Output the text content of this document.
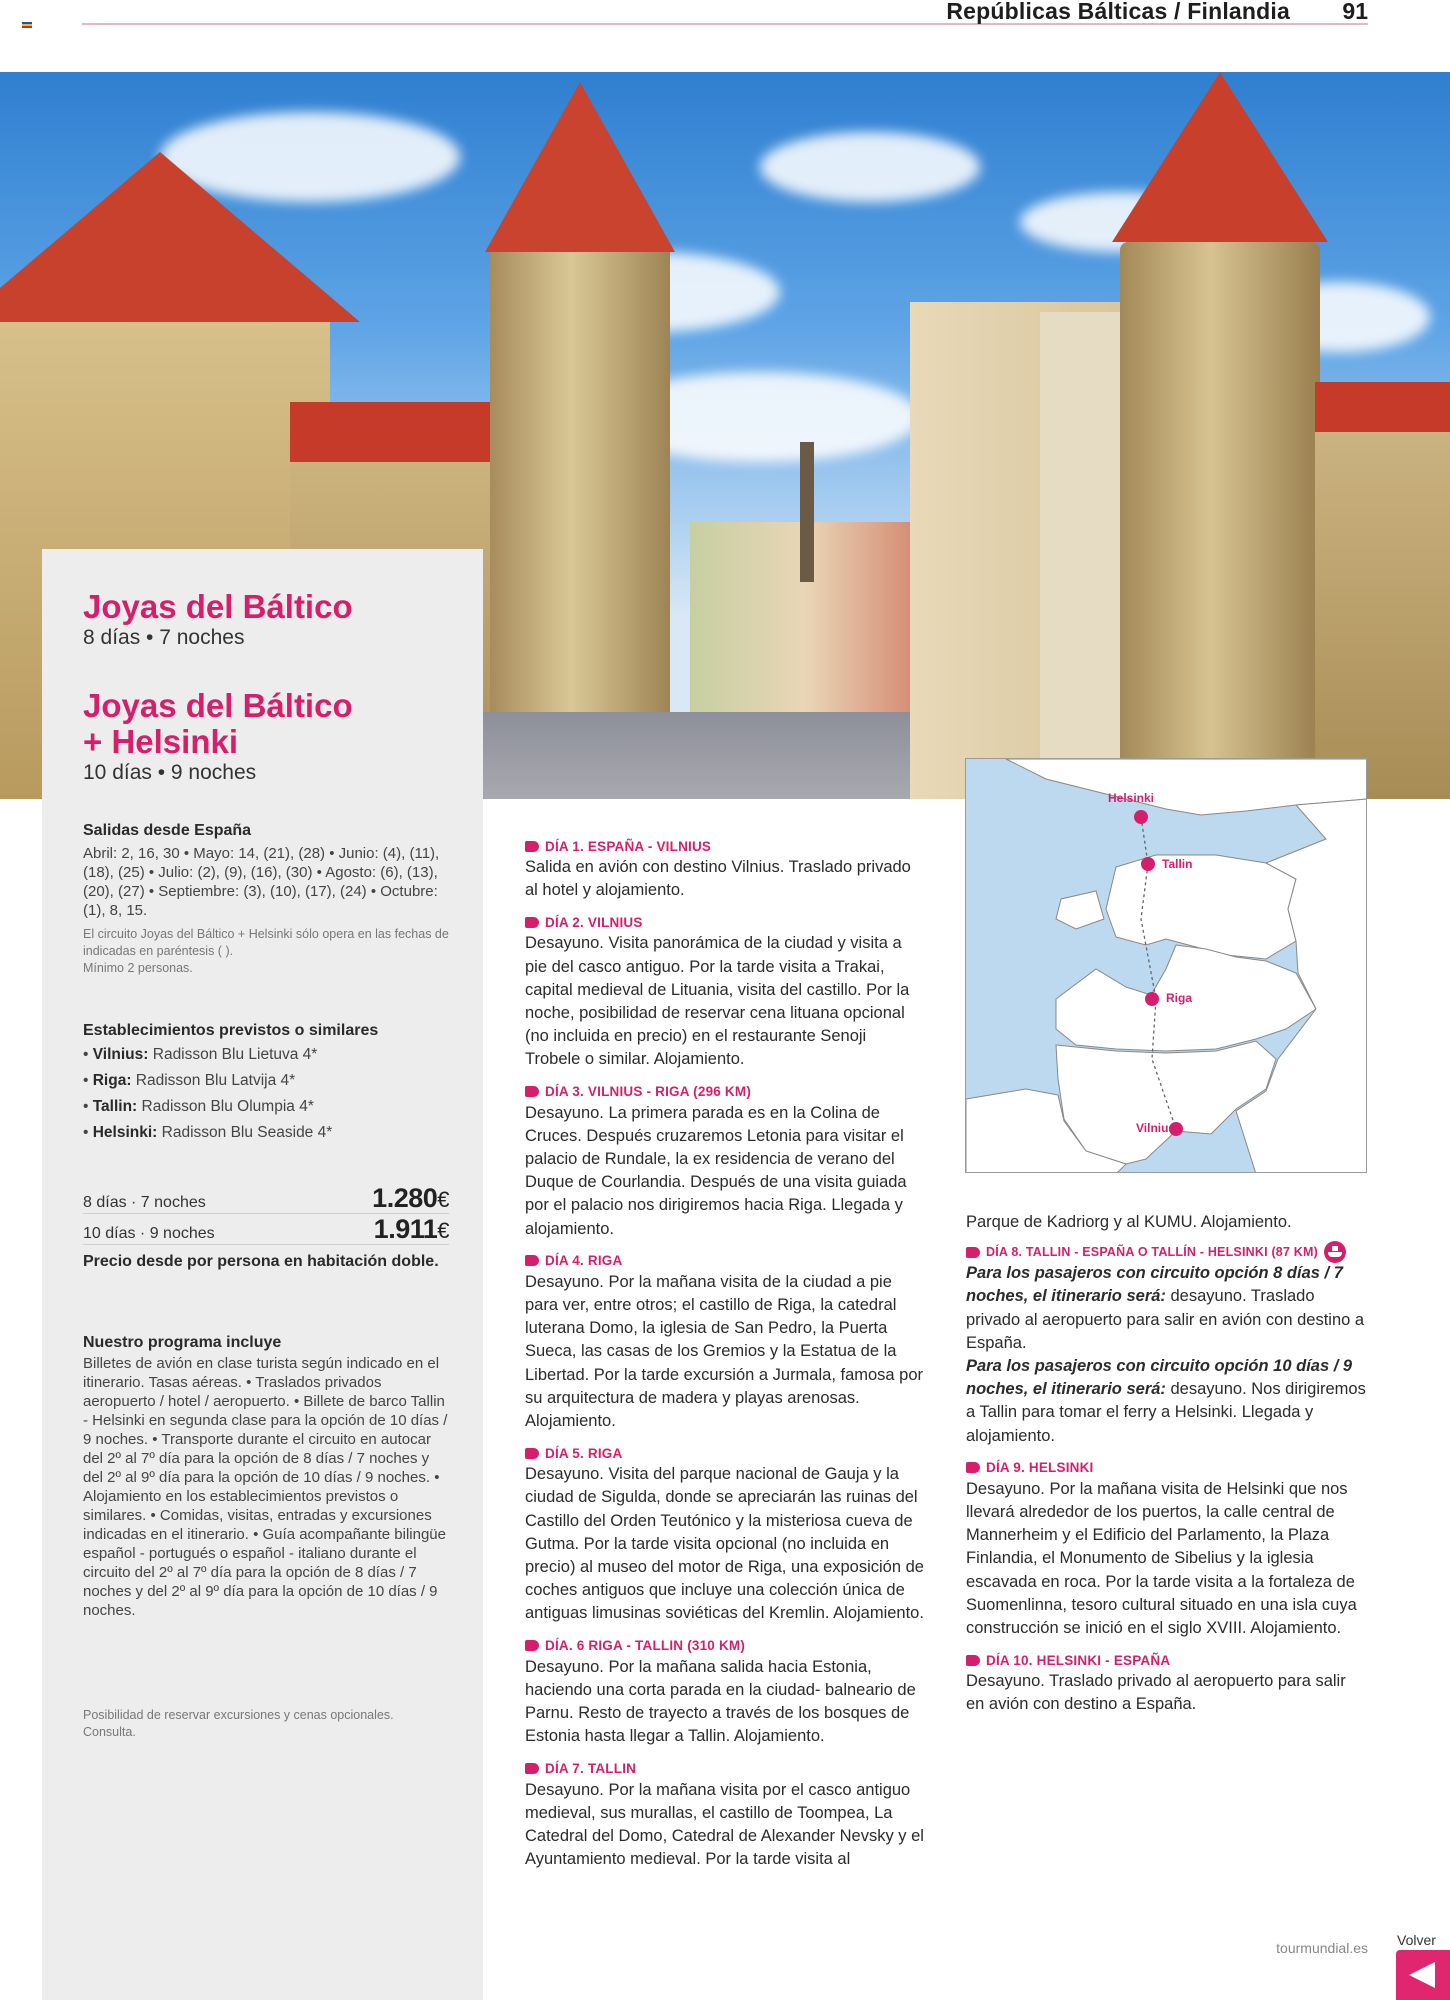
Repúblicas Bálticas / Finlandia 91
Joyas del Báltico
8 días • 7 noches
Joyas del Báltico
+ Helsinki
10 días • 9 noches
Salidas desde España
Abril: 2, 16, 30 • Mayo: 14, (21), (28) • Junio: (4), (11), (18), (25) • Julio: (2), (9), (16), (30) • Agosto: (6), (13), (20), (27) • Septiembre: (3), (10), (17), (24) • Octubre: (1), 8, 15.
El circuito Joyas del Báltico + Helsinki sólo opera en las fechas de indicadas en paréntesis ( ).
Mínimo 2 personas.
Establecimientos previstos o similares
• Vilnius: Radisson Blu Lietuva 4*
• Riga: Radisson Blu Latvija 4*
• Tallin: Radisson Blu Olumpia 4*
• Helsinki: Radisson Blu Seaside 4*
8 días · 7 noches	1.280€
10 días · 9 noches	1.911€
Precio desde por persona en habitación doble.
Nuestro programa incluye
Billetes de avión en clase turista según indicado en el itinerario. Tasas aéreas. • Traslados privados aeropuerto / hotel / aeropuerto. • Billete de barco Tallin - Helsinki en segunda clase para la opción de 10 días / 9 noches. • Transporte durante el circuito en autocar del 2º al 7º día para la opción de 8 días / 7 noches y del 2º al 9º día para la opción de 10 días / 9 noches. • Alojamiento en los establecimientos previstos o similares. • Comidas, visitas, entradas y excursiones indicadas en el itinerario. • Guía acompañante bilingüe español - portugués o español - italiano durante el circuito del 2º al 7º día para la opción de 8 días / 7 noches y del 2º al 9º día para la opción de 10 días / 9 noches.
Posibilidad de reservar excursiones y cenas opcionales. Consulta.
DÍA 1. ESPAÑA - VILNIUS
Salida en avión con destino Vilnius. Traslado privado al hotel y alojamiento.
DÍA 2. VILNIUS
Desayuno. Visita panorámica de la ciudad y visita a pie del casco antiguo. Por la tarde visita a Trakai, capital medieval de Lituania, visita del castillo. Por la noche, posibilidad de reservar cena lituana opcional (no incluida en precio) en el restaurante Senoji Trobele o similar. Alojamiento.
DÍA 3. VILNIUS - RIGA (296 KM)
Desayuno. La primera parada es en la Colina de Cruces. Después cruzaremos Letonia para visitar el palacio de Rundale, la ex residencia de verano del Duque de Courlandia. Después de una visita guiada por el palacio nos dirigiremos hacia Riga. Llegada y alojamiento.
DÍA 4. RIGA
Desayuno. Por la mañana visita de la ciudad a pie para ver, entre otros; el castillo de Riga, la catedral luterana Domo, la iglesia de San Pedro, la Puerta Sueca, las casas de los Gremios y la Estatua de la Libertad. Por la tarde excursión a Jurmala, famosa por su arquitectura de madera y playas arenosas. Alojamiento.
DÍA 5. RIGA
Desayuno. Visita del parque nacional de Gauja y la ciudad de Sigulda, donde se apreciarán las ruinas del Castillo del Orden Teutónico y la misteriosa cueva de Gutma. Por la tarde visita opcional (no incluida en precio) al museo del motor de Riga, una exposición de coches antiguos que incluye una colección única de antiguas limusinas soviéticas del Kremlin. Alojamiento.
DÍA. 6 RIGA - TALLIN (310 KM)
Desayuno. Por la mañana salida hacia Estonia, haciendo una corta parada en la ciudad- balneario de Parnu. Resto de trayecto a través de los bosques de Estonia hasta llegar a Tallin. Alojamiento.
DÍA 7. TALLIN
Desayuno. Por la mañana visita por el casco antiguo medieval, sus murallas, el castillo de Toompea, La Catedral del Domo, Catedral de Alexander Nevsky y el Ayuntamiento medieval. Por la tarde visita al
Helsinki
Tallin
Riga
Vilnius
Parque de Kadriorg y al KUMU. Alojamiento.
DÍA 8. TALLIN - ESPAÑA O TALLÍN - HELSINKI (87 KM)
Para los pasajeros con circuito opción 8 días / 7 noches, el itinerario será: desayuno. Traslado privado al aeropuerto para salir en avión con destino a España.
Para los pasajeros con circuito opción 10 días / 9 noches, el itinerario será: desayuno. Nos dirigiremos a Tallin para tomar el ferry a Helsinki. Llegada y alojamiento.
DÍA 9. HELSINKI
Desayuno. Por la mañana visita de Helsinki que nos llevará alrededor de los puertos, la calle central de Mannerheim y el Edificio del Parlamento, la Plaza Finlandia, el Monumento de Sibelius y la iglesia escavada en roca. Por la tarde visita a la fortaleza de Suomenlinna, tesoro cultural situado en una isla cuya construcción se inició en el siglo XVIII. Alojamiento.
DÍA 10. HELSINKI - ESPAÑA
Desayuno. Traslado privado al aeropuerto para salir en avión con destino a España.
tourmundial.es Volver
